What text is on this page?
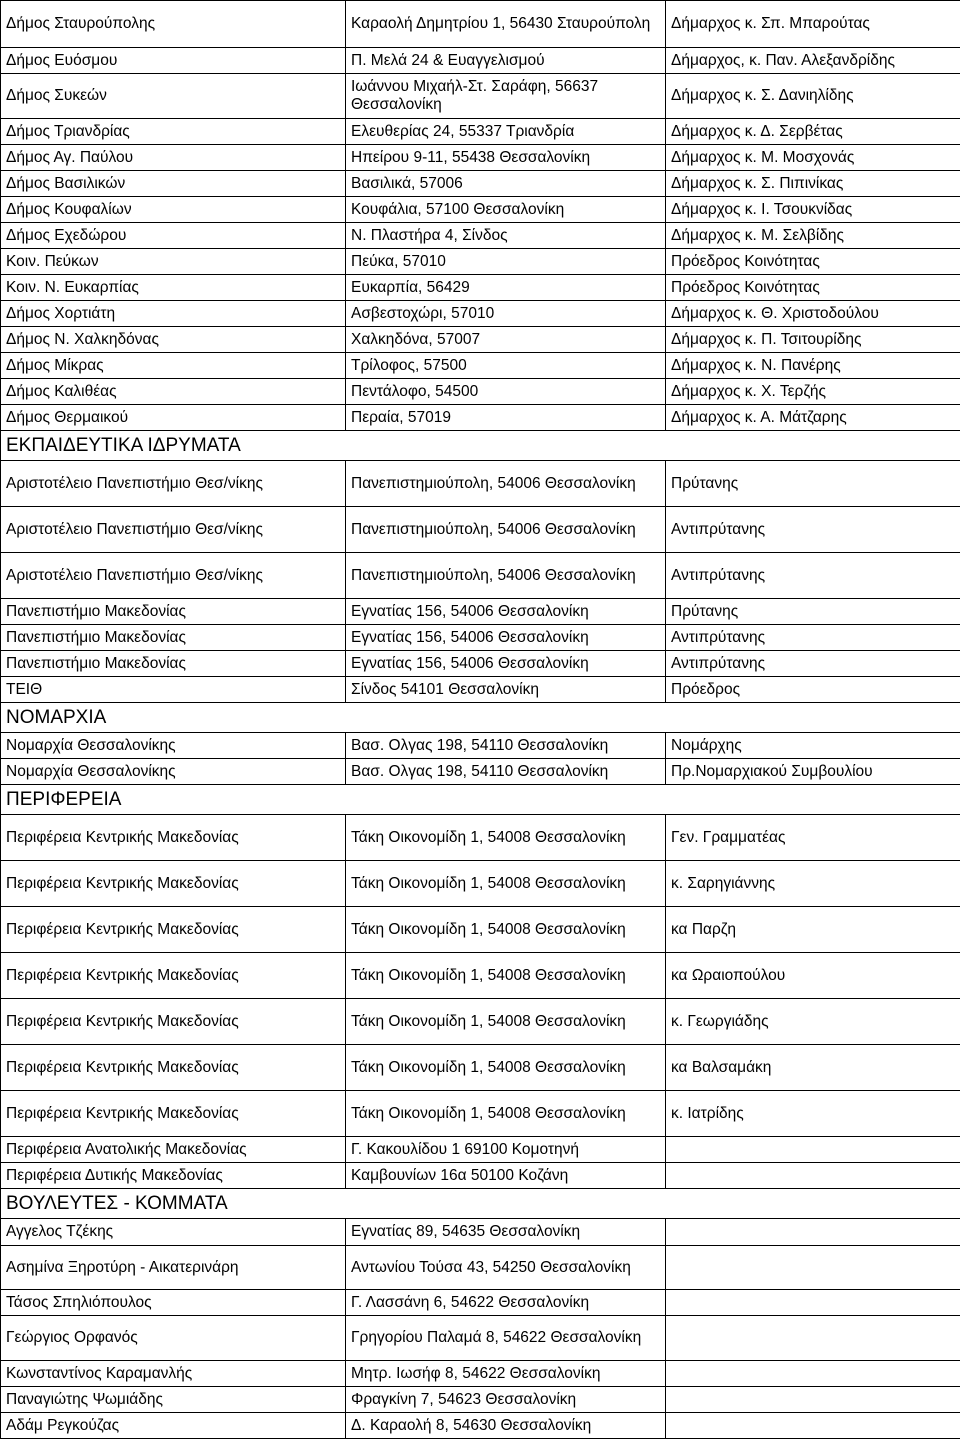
Δήμος Σταυρούπολης	Καραολή Δημητρίου 1, 56430 Σταυρούπολη	Δήμαρχος κ. Σπ. Μπαρούτας
Δήμος Ευόσμου	Π. Μελά 24 & Ευαγγελισμού	Δήμαρχος, κ. Παν. Αλεξανδρίδης
Δήμος Συκεών	Ιωάννου Μιχαήλ-Στ. Σαράφη, 56637 Θεσσαλονίκη	Δήμαρχος κ. Σ. Δανιηλίδης
Δήμος Τριανδρίας	Ελευθερίας 24, 55337 Τριανδρία	Δήμαρχος κ. Δ. Σερβέτας
Δήμος Αγ. Παύλου	Ηπείρου 9-11, 55438 Θεσσαλονίκη	Δήμαρχος κ. Μ. Μοσχονάς
Δήμος Βασιλικών	Βασιλικά, 57006	Δήμαρχος κ. Σ. Πιπινίκας
Δήμος Κουφαλίων	Κουφάλια, 57100 Θεσσαλονίκη	Δήμαρχος κ. Ι. Τσουκνίδας
Δήμος Εχεδώρου	Ν. Πλαστήρα 4, Σίνδος	Δήμαρχος κ. Μ. Σελβίδης
Κοιν. Πεύκων	Πεύκα, 57010	Πρόεδρος Κοινότητας
Κοιν. Ν. Ευκαρπίας	Ευκαρπία, 56429	Πρόεδρος Κοινότητας
Δήμος Χορτιάτη	Ασβεστοχώρι, 57010	Δήμαρχος κ. Θ. Χριστοδούλου
Δήμος Ν. Χαλκηδόνας	Χαλκηδόνα, 57007	Δήμαρχος κ. Π. Τσιτουρίδης
Δήμος Μίκρας	Τρίλοφος, 57500	Δήμαρχος κ. Ν. Πανέρης
Δήμος Καλιθέας	Πεντάλοφο, 54500	Δήμαρχος κ. Χ. Τερζής
Δήμος Θερμαικού	Περαία, 57019	Δήμαρχος κ. Α. Μάτζαρης
ΕΚΠΑΙΔΕΥΤΙΚΑ ΙΔΡΥΜΑΤΑ		
Αριστοτέλειο Πανεπιστήμιο Θεσ/νίκης	Πανεπιστημιούπολη, 54006 Θεσσαλονίκη	Πρύτανης
Αριστοτέλειο Πανεπιστήμιο Θεσ/νίκης	Πανεπιστημιούπολη, 54006 Θεσσαλονίκη	Αντιπρύτανης
Αριστοτέλειο Πανεπιστήμιο Θεσ/νίκης	Πανεπιστημιούπολη, 54006 Θεσσαλονίκη	Αντιπρύτανης
Πανεπιστήμιο Μακεδονίας	Εγνατίας 156, 54006 Θεσσαλονίκη	Πρύτανης
Πανεπιστήμιο Μακεδονίας	Εγνατίας 156, 54006 Θεσσαλονίκη	Αντιπρύτανης
Πανεπιστήμιο Μακεδονίας	Εγνατίας 156, 54006 Θεσσαλονίκη	Αντιπρύτανης
ΤΕΙΘ	Σίνδος 54101 Θεσσαλονίκη	Πρόεδρος
ΝΟΜΑΡΧΙΑ		
Νομαρχία Θεσσαλονίκης	Βασ. Ολγας 198, 54110 Θεσσαλονίκη	Νομάρχης
Νομαρχία Θεσσαλονίκης	Βασ. Ολγας 198, 54110 Θεσσαλονίκη	Πρ.Νομαρχιακού Συμβουλίου
ΠΕΡΙΦΕΡΕΙΑ		
Περιφέρεια Κεντρικής Μακεδονίας	Τάκη Οικονομίδη 1, 54008 Θεσσαλονίκη	Γεν. Γραμματέας
Περιφέρεια Κεντρικής Μακεδονίας	Τάκη Οικονομίδη 1, 54008 Θεσσαλονίκη	κ. Σαρηγιάννης
Περιφέρεια Κεντρικής Μακεδονίας	Τάκη Οικονομίδη 1, 54008 Θεσσαλονίκη	κα Παρζη
Περιφέρεια Κεντρικής Μακεδονίας	Τάκη Οικονομίδη 1, 54008 Θεσσαλονίκη	κα Ωραιοπούλου
Περιφέρεια Κεντρικής Μακεδονίας	Τάκη Οικονομίδη 1, 54008 Θεσσαλονίκη	κ. Γεωργιάδης
Περιφέρεια Κεντρικής Μακεδονίας	Τάκη Οικονομίδη 1, 54008 Θεσσαλονίκη	κα Βαλσαμάκη
Περιφέρεια Κεντρικής Μακεδονίας	Τάκη Οικονομίδη 1, 54008 Θεσσαλονίκη	κ. Ιατρίδης
Περιφέρεια Ανατολικής Μακεδονίας	Γ. Κακουλίδου 1 69100 Κομοτηνή	
Περιφέρεια Δυτικής Μακεδονίας	Καμβουνίων 16α 50100 Κοζάνη	
ΒΟΥΛΕΥΤΕΣ - ΚΟΜΜΑΤΑ		
Αγγελος Τζέκης	Εγνατίας 89, 54635 Θεσσαλονίκη	
Ασημίνα Ξηροτύρη - Αικατερινάρη	Αντωνίου Τούσα 43, 54250 Θεσσαλονίκη	
Τάσος Σπηλιόπουλος	Γ. Λασσάνη 6, 54622 Θεσσαλονίκη	
Γεώργιος Ορφανός	Γρηγορίου Παλαμά 8, 54622 Θεσσαλονίκη	
Κωνσταντίνος Καραμανλής	Μητρ. Ιωσήφ 8, 54622 Θεσσαλονίκη	
Παναγιώτης Ψωμιάδης	Φραγκίνη 7, 54623 Θεσσαλονίκη	
Αδάμ Ρεγκούζας	Δ. Καραολή 8, 54630 Θεσσαλονίκη	
